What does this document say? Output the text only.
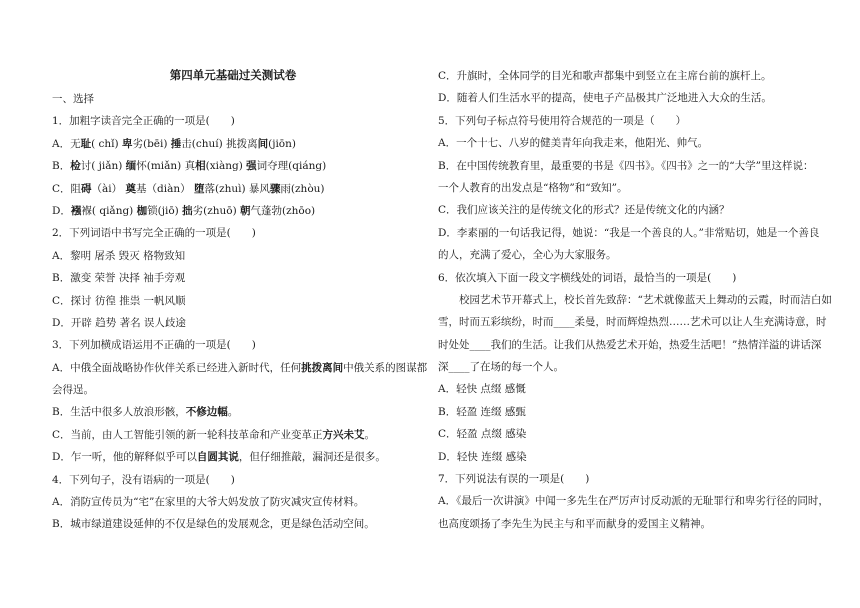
第四单元基础过关测试卷
一、选择
1．加粗字读音完全正确的一项是(　　)
A．无耻( chǐ) 卑劣(bēi) 捶击(chuí) 挑拨离间(jiōn)
B．检讨( jiǎn) 缅怀(miǎn) 真相(xiàng) 强词夺理(qiáng)
C．阻碍（ài） 奠基（diàn） 堕落(zhuì) 暴风骤雨(zhòu)
D．襁褓( qiǎng) 枷锁(jiō) 拙劣(zhuō) 朝气蓬勃(zhōo)
2．下列词语中书写完全正确的一项是(　　)
A．黎明 屠杀 毁灭 格物致知
B．激变 荣誉 决择 袖手旁观
C．探讨 彷徨 推祟 一帆风顺
D．开辟 趋势 著名 误人歧途
3．下列加横成语运用不正确的一项是(　　)
A．中俄全面战略协作伙伴关系已经进入新时代，任何挑拨离间中俄关系的图谋都
会得逞。
B．生活中很多人放浪形骸，不修边幅。
C．当前，由人工智能引领的新一轮科技革命和产业变革正方兴未艾。
D．乍一听，他的解释似乎可以自圆其说，但仔细推敲，漏洞还是很多。
4．下列句子，没有语病的一项是(　　)
A．消防宣传员为“宅”在家里的大爷大妈发放了防灾减灾宣传材料。
B．城市绿道建设延伸的不仅是绿色的发展观念，更是绿色活动空间。
C．升旗时，全体同学的目光和歌声都集中到竖立在主席台前的旗杆上。
D．随着人们生活水平的提高，使电子产品极其广泛地进入大众的生活。
5．下列句子标点符号使用符合规范的一项是（　　）
A．一个十七、八岁的健美青年向我走来，他阳光、帅气。
B．在中国传统教育里，最重要的书是《四书》。《四书》之一的“大学”里这样说：
一个人教育的出发点是“格物”和“致知”。
C．我们应该关注的是传统文化的形式？还是传统文化的内涵？
D．李素丽的一句话我记得，她说：“我是一个善良的人。”非常贴切，她是一个善良
的人，充满了爱心，全心为大家服务。
6．依次填入下面一段文字横线处的词语，最恰当的一项是(　　)
校园艺术节开幕式上，校长首先致辞：“艺术就像蓝天上舞动的云霞，时而洁白如
雪，时而五彩缤纷，时而____柔曼，时而辉煌热烈……艺术可以让人生充满诗意，时
时处处____我们的生活。让我们从热爱艺术开始，热爱生活吧！”热情洋溢的讲话深
深____了在场的每一个人。
A．轻快 点缀 感慨
B．轻盈 连缀 感甄
C．轻盈 点缀 感染
D．轻快 连缀 感染
7．下列说法有误的一项是(　　)
A．《最后一次讲演》中闻一多先生在严厉声讨反动派的无耻罪行和卑劣行径的同时，
也高度颂扬了李先生为民主与和平而献身的爱国主义精神。
